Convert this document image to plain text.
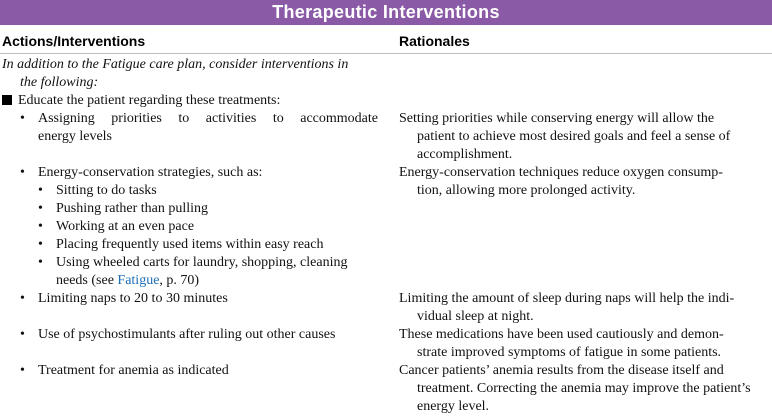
Therapeutic Interventions
Actions/Interventions	Rationales
In addition to the Fatigue care plan, consider interventions in
the following:
Educate the patient regarding these treatments:
• Assigning priorities to activities to accommodate
energy levels
• Energy-conservation strategies, such as:
• Sitting to do tasks
• Pushing rather than pulling
• Working at an even pace
• Placing frequently used items within easy reach
• Using wheeled carts for laundry, shopping, cleaning
needs (see Fatigue, p. 70)
• Limiting naps to 20 to 30 minutes
• Use of psychostimulants after ruling out other causes
• Treatment for anemia as indicated
Setting priorities while conserving energy will allow the
patient to achieve most desired goals and feel a sense of
accomplishment.
Energy-conservation techniques reduce oxygen consump-
tion, allowing more prolonged activity.
Limiting the amount of sleep during naps will help the indi-
vidual sleep at night.
These medications have been used cautiously and demon-
strate improved symptoms of fatigue in some patients.
Cancer patients’ anemia results from the disease itself and
treatment. Correcting the anemia may improve the patient’s
energy level.
